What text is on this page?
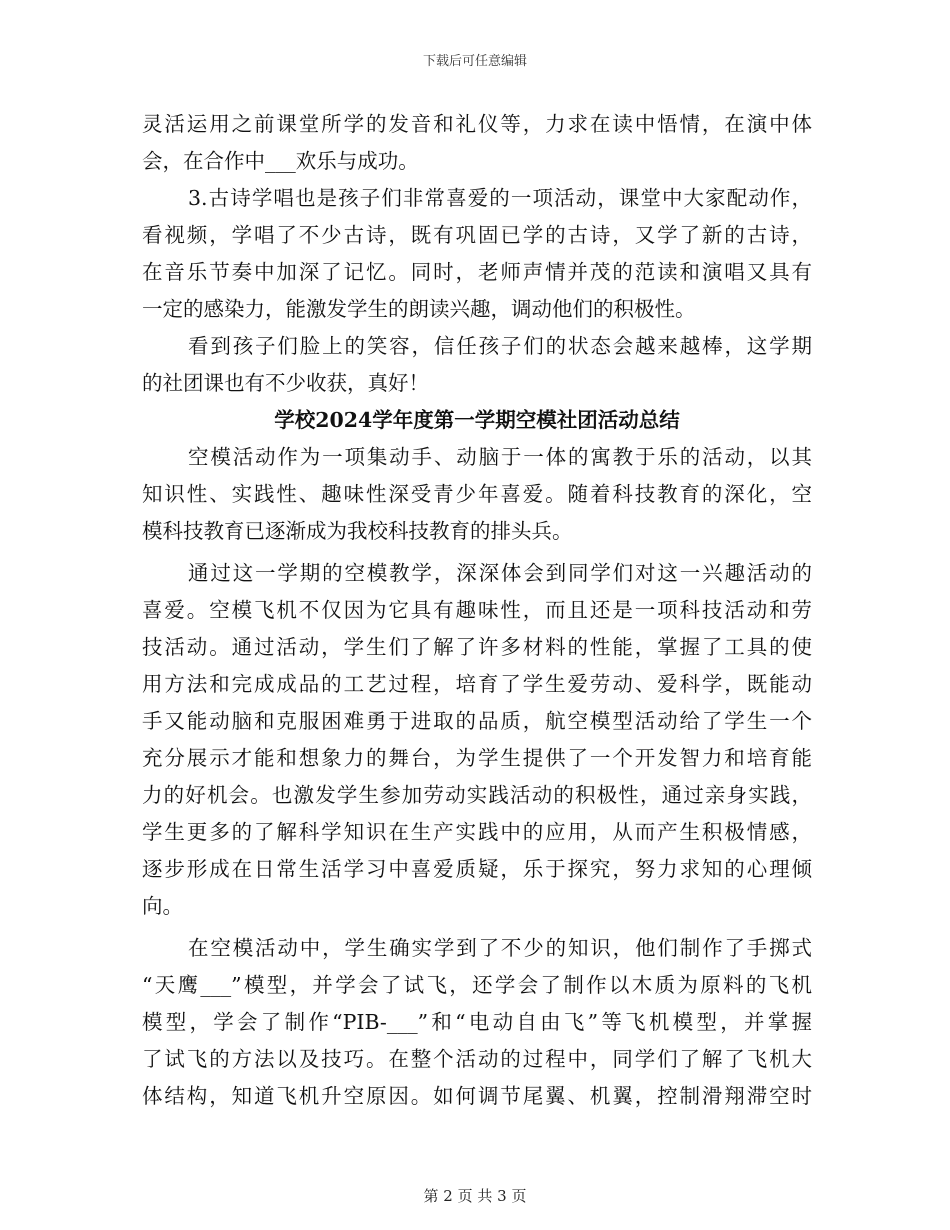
下载后可任意编辑
灵活运用之前课堂所学的发音和礼仪等，力求在读中悟情，在演中体
会，在合作中___欢乐与成功。
3.古诗学唱也是孩子们非常喜爱的一项活动，课堂中大家配动作，
看视频，学唱了不少古诗，既有巩固已学的古诗，又学了新的古诗，
在音乐节奏中加深了记忆。同时，老师声情并茂的范读和演唱又具有
一定的感染力，能激发学生的朗读兴趣，调动他们的积极性。
看到孩子们脸上的笑容，信任孩子们的状态会越来越棒，这学期
的社团课也有不少收获，真好！
学校2024学年度第一学期空模社团活动总结
空模活动作为一项集动手、动脑于一体的寓教于乐的活动，以其
知识性、实践性、趣味性深受青少年喜爱。随着科技教育的深化，空
模科技教育已逐渐成为我校科技教育的排头兵。
通过这一学期的空模教学，深深体会到同学们对这一兴趣活动的
喜爱。空模飞机不仅因为它具有趣味性，而且还是一项科技活动和劳
技活动。通过活动，学生们了解了许多材料的性能，掌握了工具的使
用方法和完成成品的工艺过程，培育了学生爱劳动、爱科学，既能动
手又能动脑和克服困难勇于进取的品质，航空模型活动给了学生一个
充分展示才能和想象力的舞台，为学生提供了一个开发智力和培育能
力的好机会。也激发学生参加劳动实践活动的积极性，通过亲身实践，
学生更多的了解科学知识在生产实践中的应用，从而产生积极情感，
逐步形成在日常生活学习中喜爱质疑，乐于探究，努力求知的心理倾
向。
在空模活动中，学生确实学到了不少的知识，他们制作了手掷式
“天鹰___”模型，并学会了试飞，还学会了制作以木质为原料的飞机
模型，学会了制作“PIB-___”和“电动自由飞”等飞机模型，并掌握
了试飞的方法以及技巧。在整个活动的过程中，同学们了解了飞机大
体结构，知道飞机升空原因。如何调节尾翼、机翼，控制滑翔滞空时
第 2 页 共 3 页
